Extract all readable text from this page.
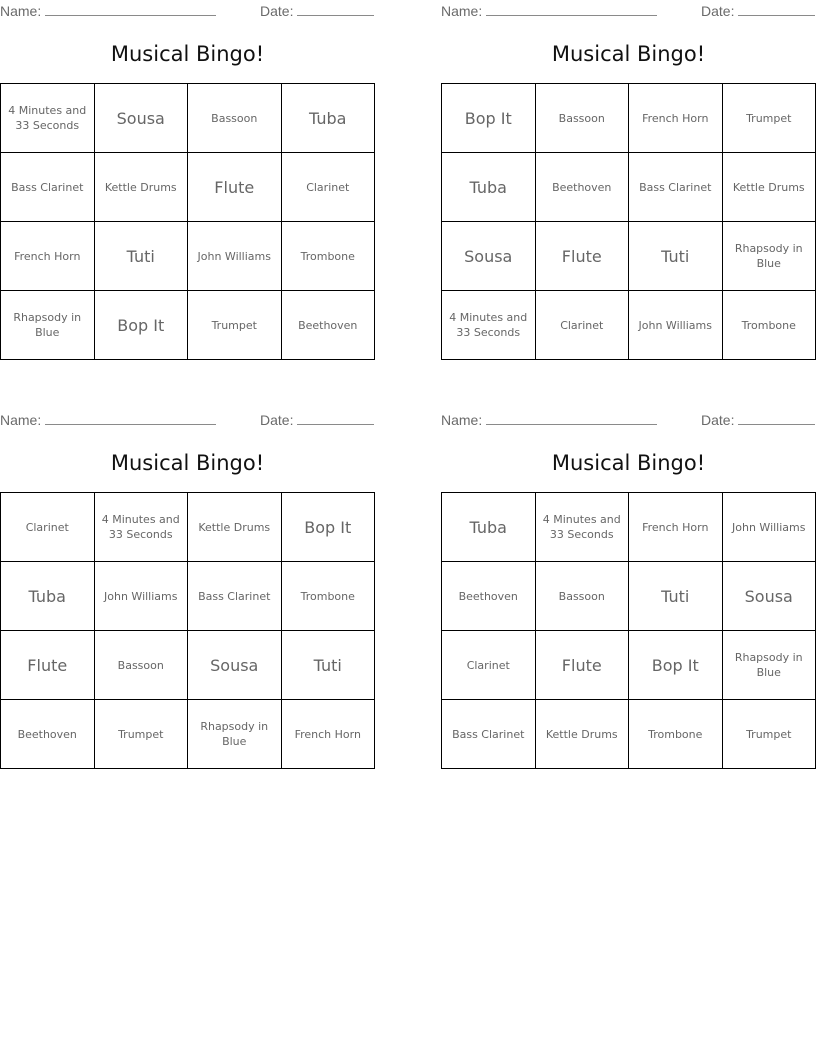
Name:	Date:
Musical Bingo!
4 Minutes and 33 Seconds	Sousa	Bassoon	Tuba
Bass Clarinet	Kettle Drums	Flute	Clarinet
French Horn	Tuti	John Williams	Trombone
Rhapsody in Blue	Bop It	Trumpet	Beethoven
Name:	Date:
Musical Bingo!
Bop It	Bassoon	French Horn	Trumpet
Tuba	Beethoven	Bass Clarinet	Kettle Drums
Sousa	Flute	Tuti	Rhapsody in Blue
4 Minutes and 33 Seconds	Clarinet	John Williams	Trombone
Name:	Date:
Musical Bingo!
Clarinet	4 Minutes and 33 Seconds	Kettle Drums	Bop It
Tuba	John Williams	Bass Clarinet	Trombone
Flute	Bassoon	Sousa	Tuti
Beethoven	Trumpet	Rhapsody in Blue	French Horn
Name:	Date:
Musical Bingo!
Tuba	4 Minutes and 33 Seconds	French Horn	John Williams
Beethoven	Bassoon	Tuti	Sousa
Clarinet	Flute	Bop It	Rhapsody in Blue
Bass Clarinet	Kettle Drums	Trombone	Trumpet
